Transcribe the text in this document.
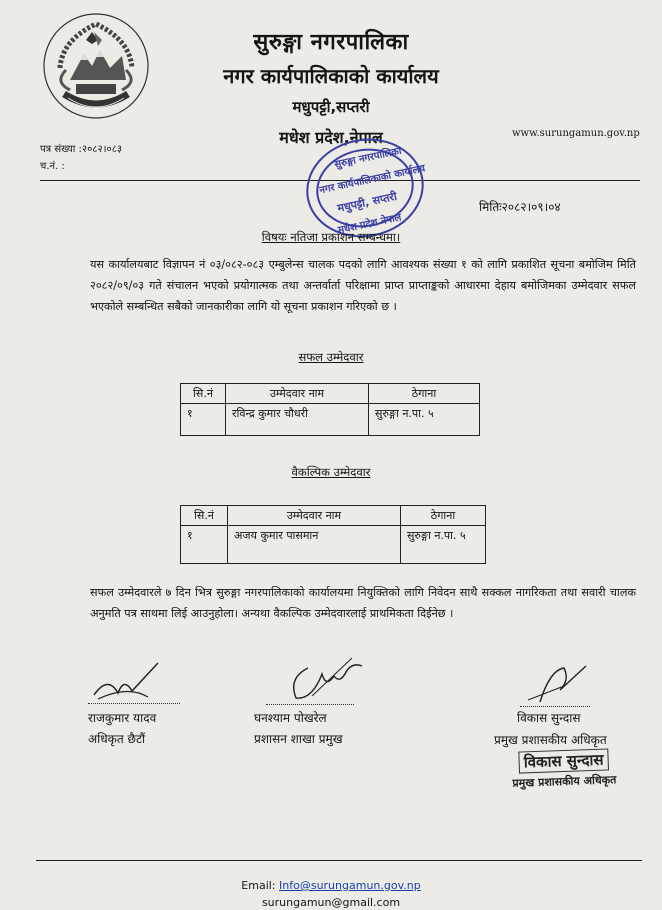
सुरुङ्गा नगरपालिका
नगर कार्यपालिकाको कार्यालय
मधुपट्टी,सप्तरी
मधेश प्रदेश,नेपाल	www.surungamun.gov.np
पत्र संख्या :२०८२।०८३
च.नं. :	सुरुङ्गा नगरपालिका
नगर कार्यपालिकाको कार्यालय
मधुपट्टी, सप्तरी
मधेश प्रदेश नेपाल
मितिः२०८२।०९।०४
विषयः नतिजा प्रकाशन सम्बन्धमा।
यस कार्यालयबाट विज्ञापन नं ०३/०८२-०८३ एम्बुलेन्स चालक पदको लागि आवश्यक संख्या १ को लागि प्रकाशित सूचना बमोजिम मिति २०८२/०९/०३ गते संचालन भएको प्रयोगात्मक तथा अन्तर्वार्ता परिक्षामा प्राप्त प्राप्ताङ्कको आधारमा देहाय बमोजिमका उम्मेदवार सफल भएकोले सम्बन्धित सबैको जानकारीका लागि यो सूचना प्रकाशन गरिएको छ ।
सफल उम्मेदवार
सि.नं	उम्मेदवार नाम	ठेगाना
१	रविन्द्र कुमार चौधरी	सुरुङ्गा न.पा. ५
वैकल्पिक उम्मेदवार
सि.नं	उम्मेदवार नाम	ठेगाना
१	अजय कुमार पासमान	सुरुङ्गा न.पा. ५
सफल उम्मेदवारले ७ दिन भित्र सुरुङ्गा नगरपालिकाको कार्यालयमा नियुक्तिको लागि निवेदन साथै सक्कल नागरिकता तथा सवारी चालक अनुमति पत्र साथमा लिई आउनुहोला। अन्यथा वैकल्पिक उम्मेदवारलाई प्राथमिकता दिईनेछ ।
राजकुमार यादव
अधिकृत छैटौं
घनश्याम पोखरेल
प्रशासन शाखा प्रमुख
विकास सुन्दास
प्रमुख प्रशासकीय अधिकृत
विकास सुन्दास
प्रमुख प्रशासकीय अधिकृत
Email: Info@surungamun.gov.np
surungamun@gmail.com
